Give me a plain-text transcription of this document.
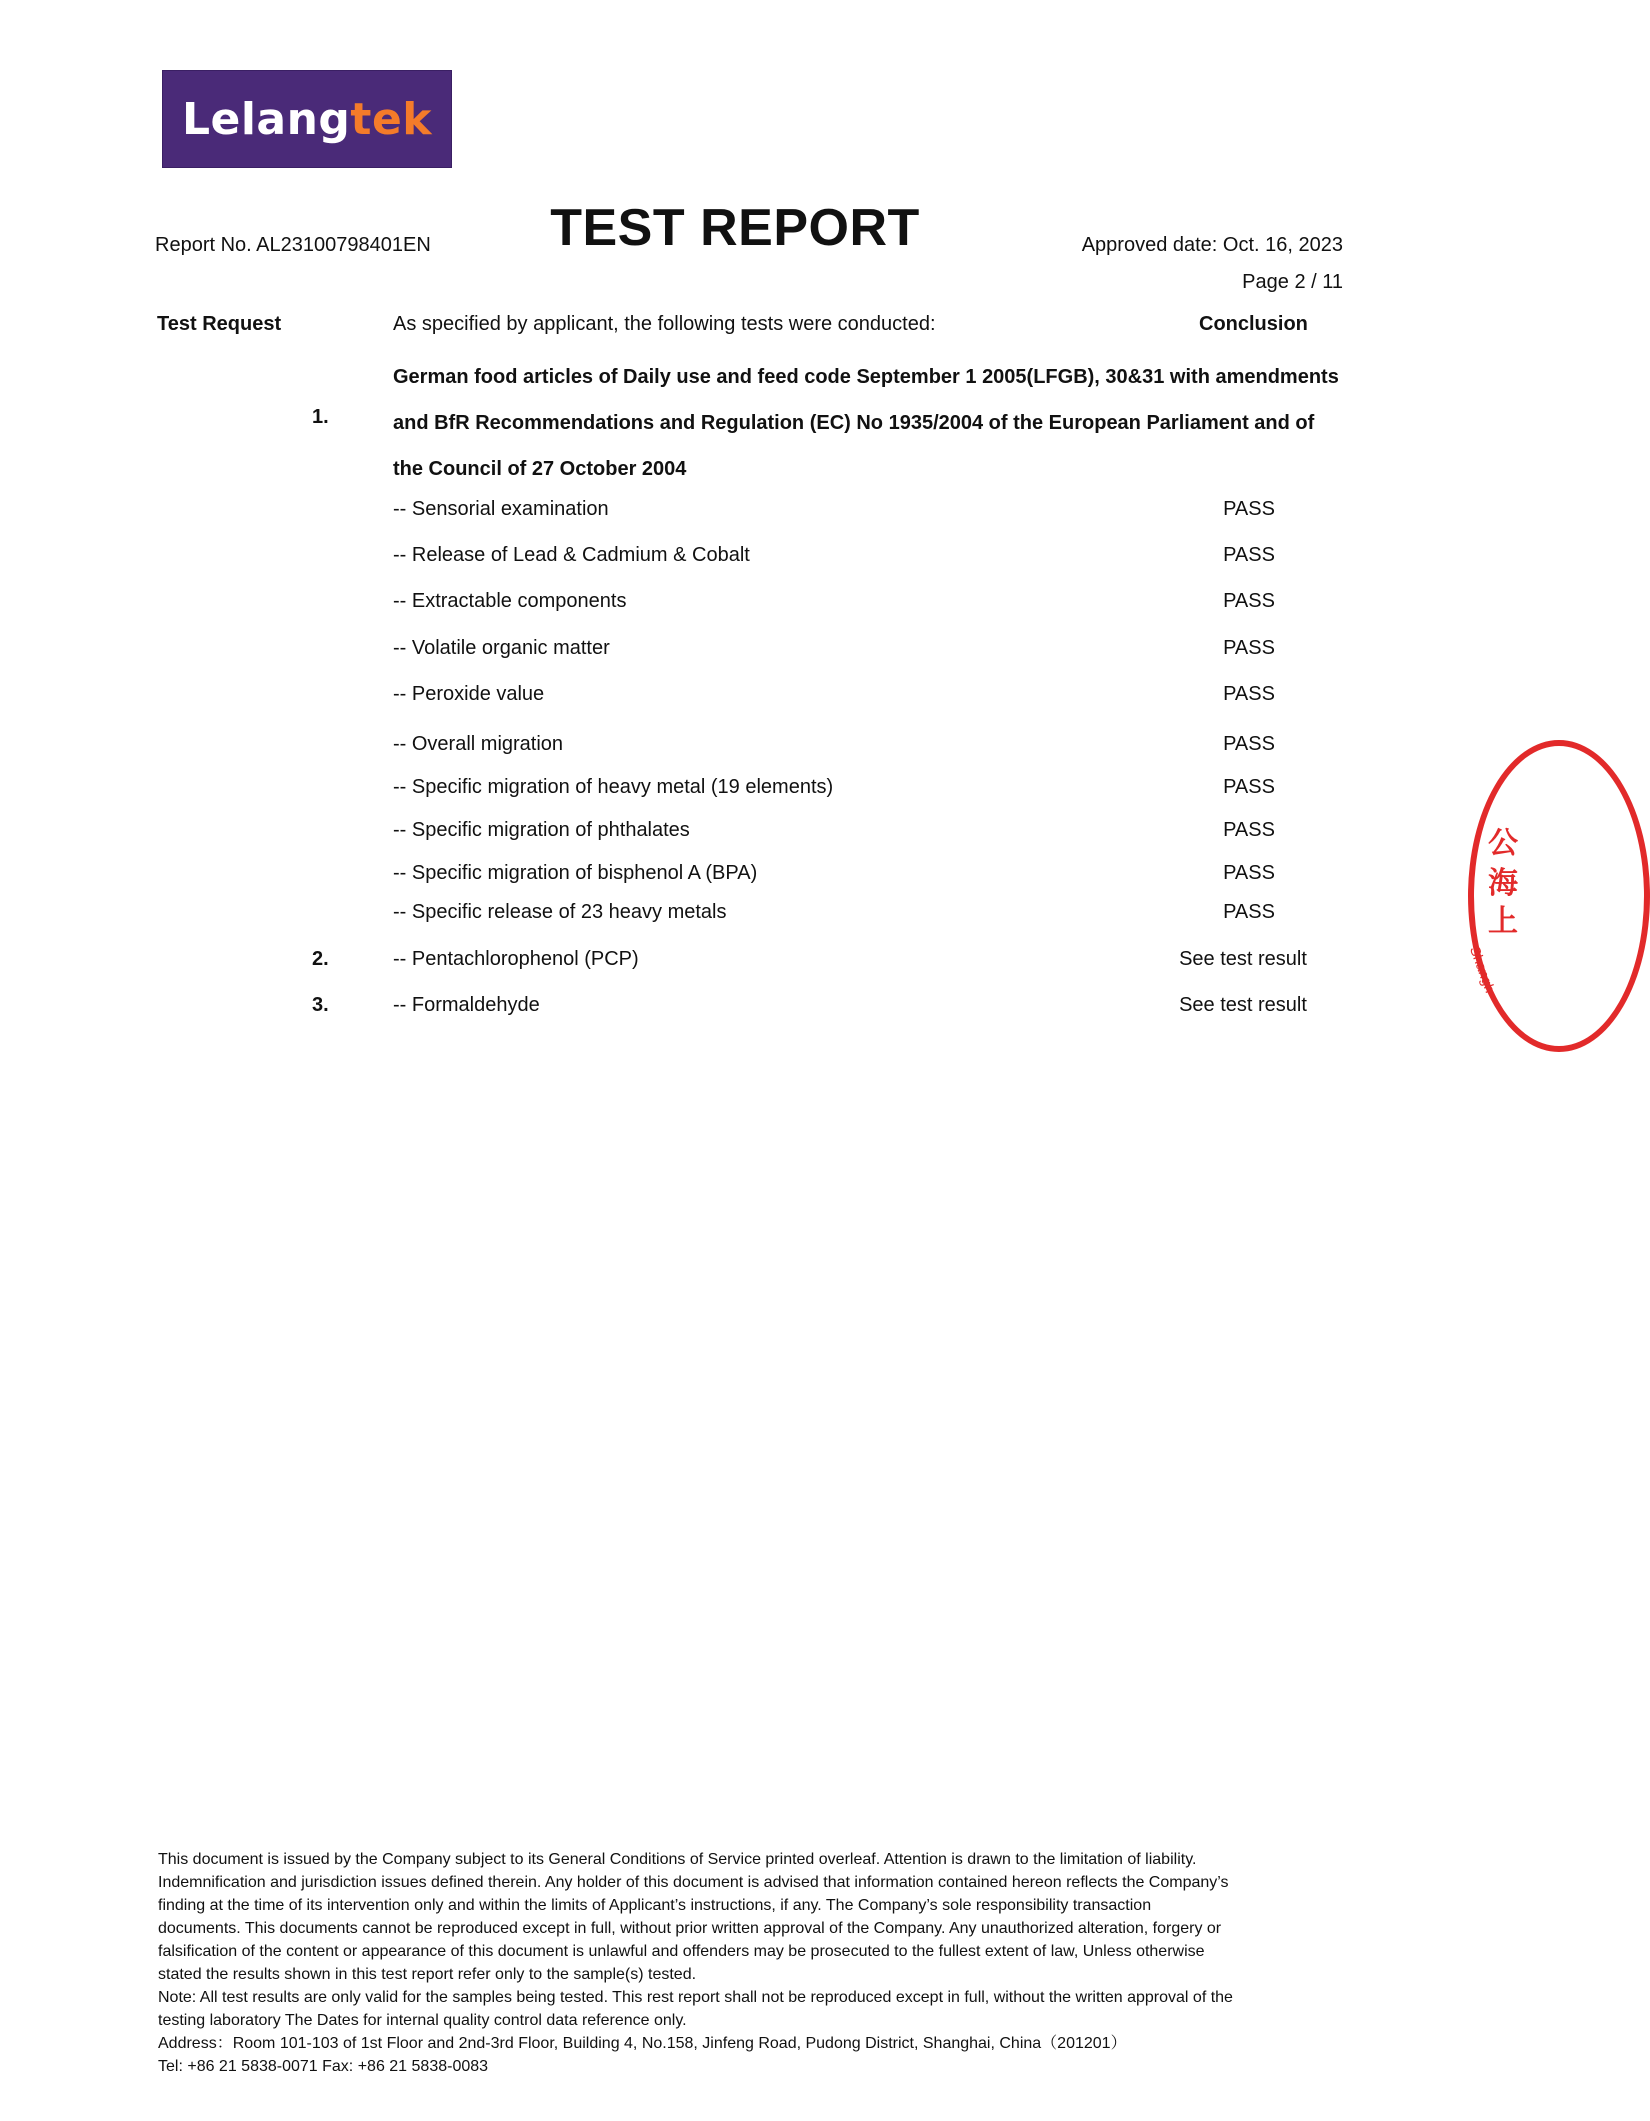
Lelangtek
Report No. AL23100798401EN	TEST REPORT	Approved date: Oct. 16, 2023
Page 2 / 11
Test Request	As specified by applicant, the following tests were conducted:	Conclusion
1.
German food articles of Daily use and feed code September 1 2005(LFGB), 30&31 with amendments
and BfR Recommendations and Regulation (EC) No 1935/2004 of the European Parliament and of
the Council of 27 October 2004
-- Sensorial examination	PASS
-- Release of Lead & Cadmium & Cobalt	PASS
-- Extractable components	PASS
-- Volatile organic matter	PASS
-- Peroxide value	PASS
-- Overall migration	PASS
-- Specific migration of heavy metal (19 elements)	PASS
-- Specific migration of phthalates	PASS
-- Specific migration of bisphenol A (BPA)	PASS
-- Specific release of 23 heavy metals	PASS
2.	-- Pentachlorophenol (PCP)	See test result
3.	-- Formaldehyde	See test result
公
海
上
Shangh

This document is issued by the Company subject to its General Conditions of Service printed overleaf. Attention is drawn to the limitation of liability.

Indemnification and jurisdiction issues defined therein. Any holder of this document is advised that information contained hereon reflects the Company’s

finding at the time of its intervention only and within the limits of Applicant’s instructions, if any. The Company’s sole responsibility transaction

documents. This documents cannot be reproduced except in full, without prior written approval of the Company. Any unauthorized alteration, forgery or

falsification of the content or appearance of this document is unlawful and offenders may be prosecuted to the fullest extent of law, Unless otherwise

stated the results shown in this test report refer only to the sample(s) tested.

Note: All test results are only valid for the samples being tested. This rest report shall not be reproduced except in full, without the written approval of the

testing laboratory The Dates for internal quality control data reference only.

Address：Room 101-103 of 1st Floor and 2nd-3rd Floor, Building 4, No.158, Jinfeng Road, Pudong District, Shanghai, China（201201）

Tel: +86 21 5838-0071 Fax: +86 21 5838-0083
